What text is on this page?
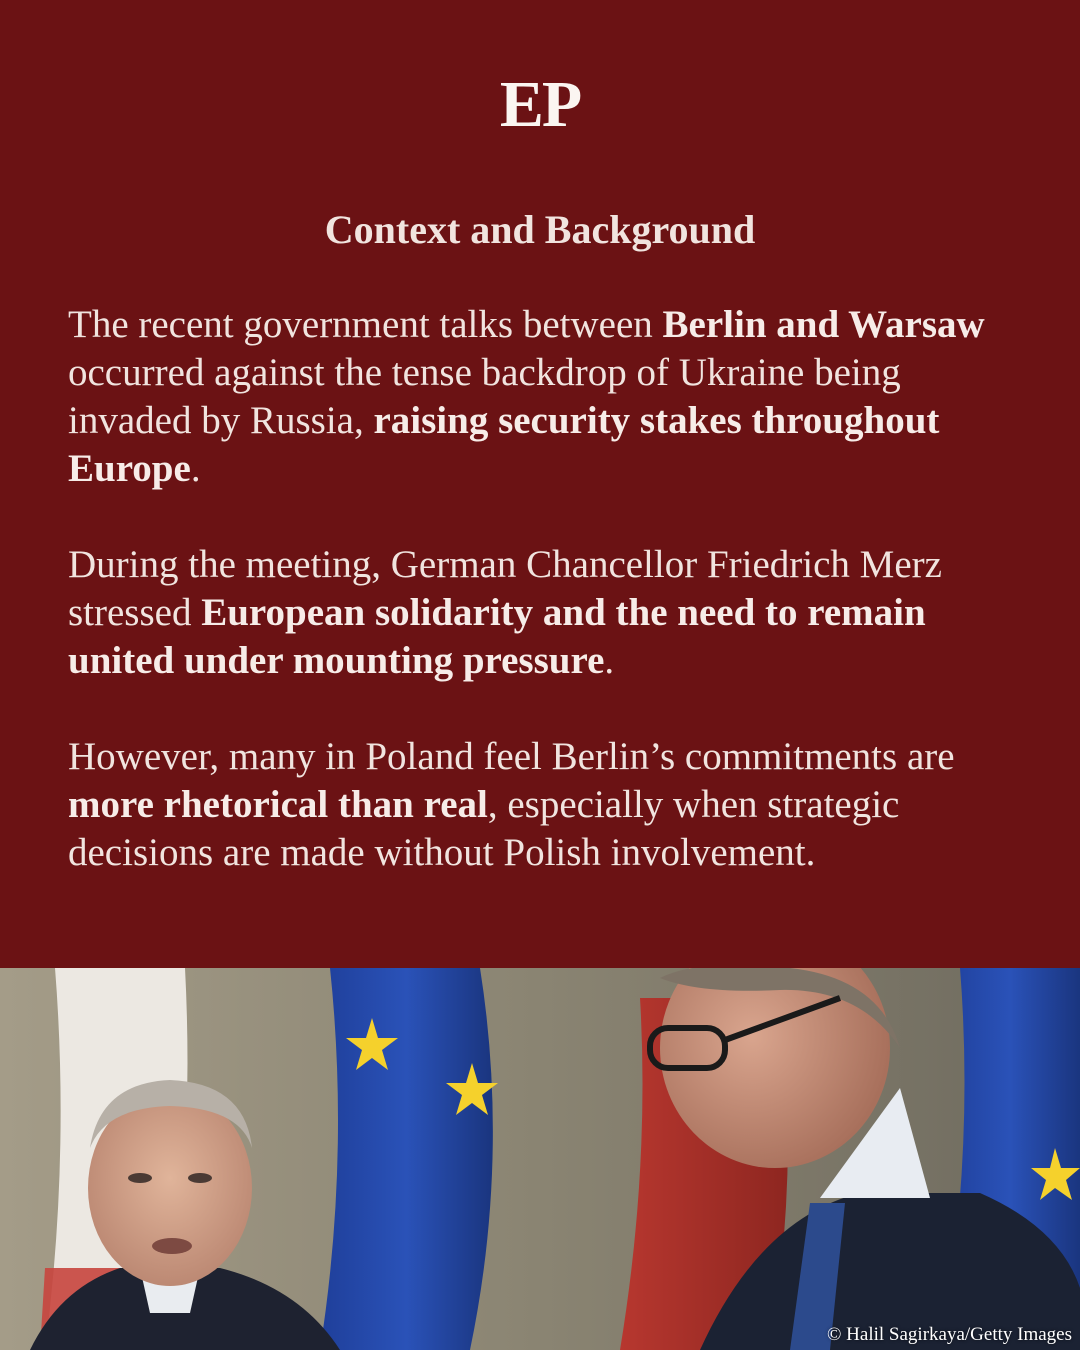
EP
Context and Background

The recent government talks between Berlin and Warsaw occurred against the tense backdrop of Ukraine being invaded by Russia, raising security stakes throughout Europe.

During the meeting, German Chancellor Friedrich Merz stressed European solidarity and the need to remain united under mounting pressure.

However, many in Poland feel Berlin’s commitments are more rhetorical than real, especially when strategic decisions are made without Polish involvement.

© Halil Sagirkaya/Getty Images
